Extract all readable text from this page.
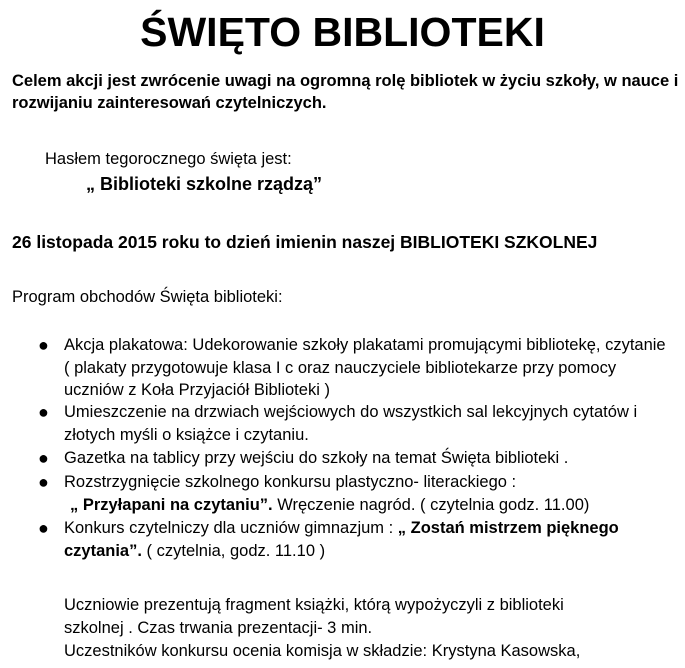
ŚWIĘTO BIBLIOTEKI
Celem akcji jest zwrócenie uwagi na ogromną rolę bibliotek w życiu szkoły, w nauce i rozwijaniu zainteresowań czytelniczych.
Hasłem tegorocznego święta jest:
„ Biblioteki szkolne rządzą”
26 listopada 2015 roku to dzień imienin naszej BIBLIOTEKI SZKOLNEJ
Program obchodów Święta biblioteki:
● Akcja plakatowa: Udekorowanie szkoły plakatami promującymi bibliotekę, czytanie ( plakaty przygotowuje klasa I c oraz nauczyciele bibliotekarze przy pomocy uczniów z Koła Przyjaciół Biblioteki )
● Umieszczenie na drzwiach wejściowych do wszystkich sal lekcyjnych cytatów i złotych myśli o książce i czytaniu.
● Gazetka na tablicy przy wejściu do szkoły na temat Święta biblioteki .
● Rozstrzygnięcie szkolnego konkursu plastyczno- literackiego :
„ Przyłapani na czytaniu”. Wręczenie nagród. ( czytelnia godz. 11.00)
● Konkurs czytelniczy dla uczniów gimnazjum : „ Zostań mistrzem pięknego czytania”. ( czytelnia, godz. 11.10 )
Uczniowie prezentują fragment książki, którą wypożyczyli z biblioteki
szkolnej . Czas trwania prezentacji- 3 min.
Uczestników konkursu ocenia komisja w składzie: Krystyna Kasowska,
